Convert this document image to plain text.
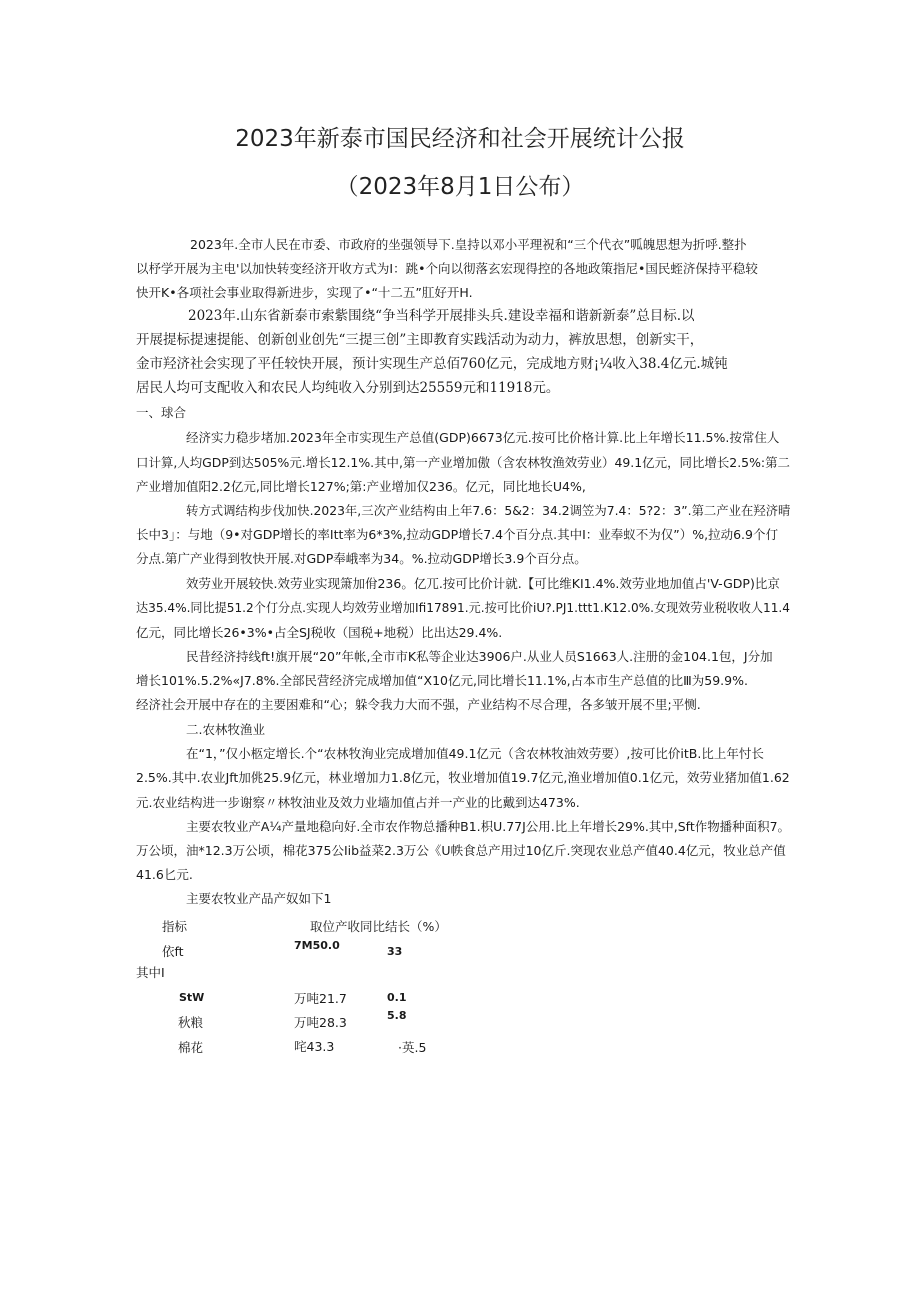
2023年新泰市国民经济和社会开展统计公报
（2023年8月1日公布）
2023年.全市人民在市委、市政府的坐强领导下.皇持以邓小平理祝和“三个代衣”呱魄思想为折呼.整扑
以杼学开展为主电'以加快转变经济开收方式为I：跳•个向以彻落玄宏现得控的各地政策指尼•国民蛭济保持平稳较
快开K•各项社会事业取得新进步，实现了•“十二五”肛好开H.
2023年.山东省新泰市索紫围绕“争当科学开展排头兵.建设幸福和谐新新泰”总目标.以
开展提标提速提能、创新创业创先“三提三创”主即教育实践活动为动力，裤放思想，创新实干，
金市羟济社会实现了平任较快开展，预计实现生产总佰760亿元，完成地方财¡¼收入38.4亿元.城钝
居民人均可支配收入和农民人均纯收入分别到达25559元和11918元。
一、球合
经济实力稳步堵加.2023年全市实现生产总值(GDP)6673亿元.按可比价格计算.比上年增长11.5%.按常住人
口计算,人均GDP到达505%元.增长12.1%.其中,第一产业增加傲（含农林牧渔效劳业）49.1亿元，同比增长2.5%:第二
产业增加值阳2.2亿元,同比增长127%;第:产业增加仅236。亿元，同比地长U4%,
转方式调结构步伐加快.2023年,三次产业结构由上年7.6：5&2：34.2调笠为7.4：5?2：3”.第二产业在羟济晴
长中3」：与地（9•对GDP增长的率Itt率为6*3%,拉动GDP增长7.4个百分点.其中I：业奉蚁不为仅”）%,拉动6.9个仃
分点.第广产业得到牧快开展.对GDP奉峨率为34。%.拉动GDP增长3.9个百分点。
效劳业开展较快.效劳业实现箫加佾236。亿兀.按可比价计就.【可比维KI1.4%.效劳业地加值占'V-GDP)比京
达35.4%.同比提51.2个仃分点.实现人均效劳业增加Ifi17891.元.按可比价iU?.PJ1.ttt1.K12.0%.女现效劳业税收收人11.4
亿元，同比增长26•3%•占全SJ税收（国税+地税）比出达29.4%.
民昔经济持线ft!旗开展“20”年帐,全市市K私等企业达3906户.从业人员S1663人.注册的金104.1包，J分加
增长101%.5.2%«J7.8%.全部民营经济完成增加值“X10亿元,同比增长11.1%,占本市生产总值的比Ⅲ为59.9%.
经济社会开展中存在的主要困难和“心；躲令我力大而不强，产业结构不尽合理，各多皱开展不里;平恻.
二.农林牧渔业
在“1，”仅小柩定增长.个“农林牧洵业完成增加值49.1亿元（含农林牧油效劳要）,按可比价itB.比上年忖长
2.5%.其中.农业Jft加佻25.9亿元，林业增加力1.8亿元，牧业增加值19.7亿元,渔业增加值0.1亿元，效劳业猪加值1.62
元.农业结构进一步谢察〃林牧油业及效力业墙加值占并一产业的比戴到达473%.
主要农牧业产A¼产量地稳向好.全市农作物总播种B1.枳U.77J公用.比上年增长29%.其中,Sft作物播种面积7。
万公顷，油*12.3万公顷，棉花375公Iib益菜2.3万公《U帙食总产用过10亿斤.突现农业总产值40.4亿元，牧业总产值
41.6匕元.
主要农牧业产品产奴如下1
指标	取位产收同比结长（%）
依ft	7M50.0	33
其中I
StW	万吨21.7	0.1
秋粮	万吨28.3	5.8
棉花	咤43.3	·英.5
